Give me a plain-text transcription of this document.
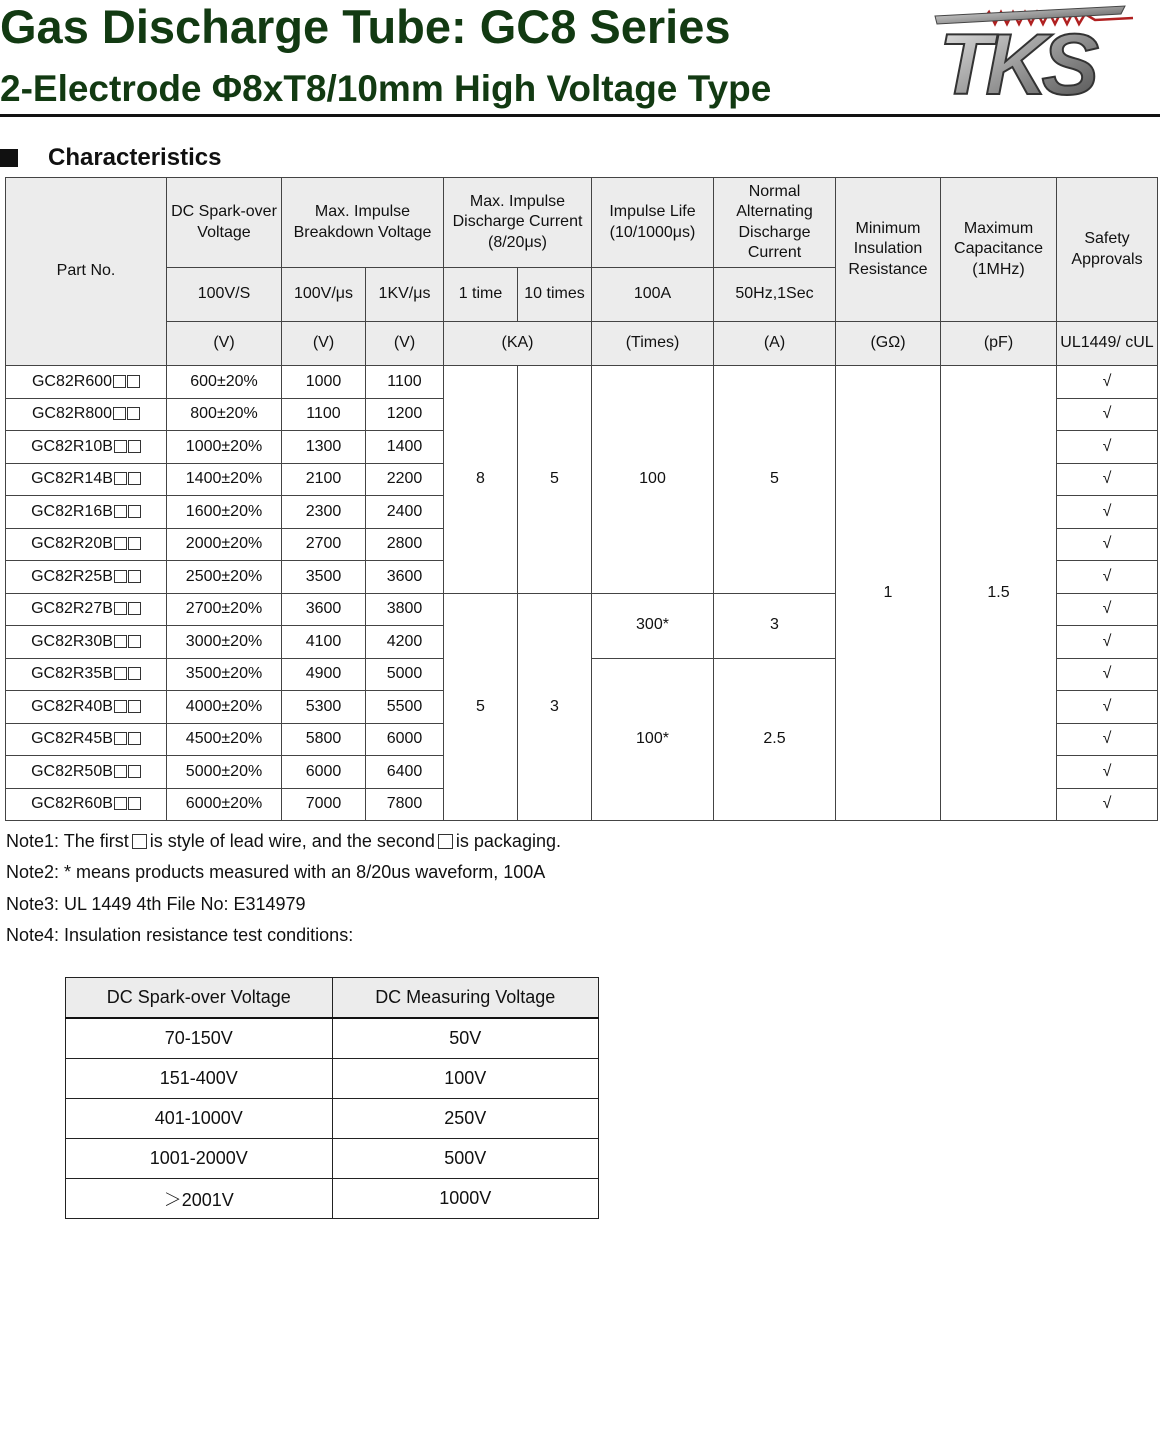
Gas Discharge Tube: GC8 Series
2-Electrode Φ8xT8/10mm High Voltage Type TKS
Characteristics
Part No.	DC Spark-over Voltage	Max. Impulse Breakdown Voltage		Max. Impulse Discharge Current (8/20μs)		Impulse Life (10/1000μs)	Normal Alternating Discharge Current	Minimum Insulation Resistance	Maximum Capacitance (1MHz)	Safety Approvals
	100V/S	100V/μs	1KV/μs	1 time	10 times	100A	50Hz,1Sec			
	(V)	(V)	(V)	(KA)		(Times)	(A)	(GΩ)	(pF)	UL1449/ cUL
GC82R600	600±20%	1000	1100	8	5	100	5	1	1.5	√
GC82R800	800±20%	1100	1200							√
GC82R10B	1000±20%	1300	1400							√
GC82R14B	1400±20%	2100	2200							√
GC82R16B	1600±20%	2300	2400							√
GC82R20B	2000±20%	2700	2800							√
GC82R25B	2500±20%	3500	3600							√
GC82R27B	2700±20%	3600	3800	5	3	300*	3			√
GC82R30B	3000±20%	4100	4200							√
GC82R35B	3500±20%	4900	5000			100*	2.5			√
GC82R40B	4000±20%	5300	5500							√
GC82R45B	4500±20%	5800	6000							√
GC82R50B	5000±20%	6000	6400							√
GC82R60B	6000±20%	7000	7800							√
Note1: The first is style of lead wire, and the second is packaging.
Note2: * means products measured with an 8/20us waveform, 100A
Note3: UL 1449 4th File No: E314979
Note4: Insulation resistance test conditions:
DC Spark-over Voltage	DC Measuring Voltage
70-150V	50V
151-400V	100V
401-1000V	250V
1001-2000V	500V
＞2001V	1000V
